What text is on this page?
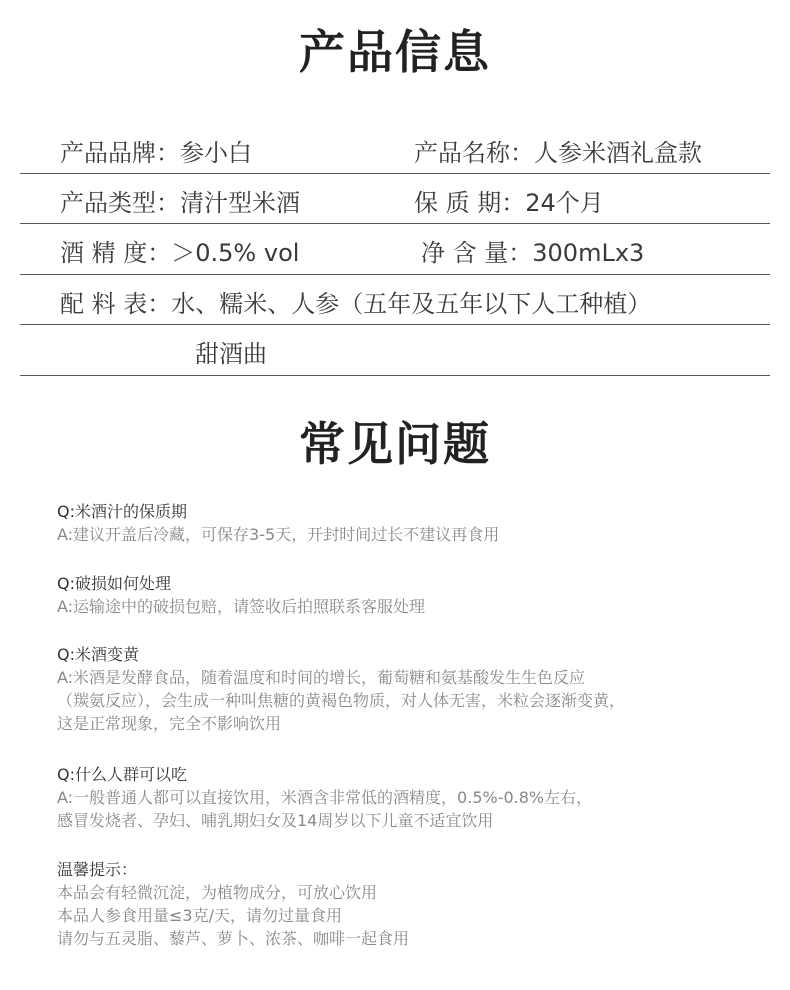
产品信息
产品品牌：参小白	产品名称：人参米酒礼盒款
产品类型：清汁型米酒	保 质 期：24个月
酒 精 度：＞0.5% vol	净 含 量：300mLx3
配 料 表：水、糯米、人参（五年及五年以下人工种植）
甜酒曲
常见问题
Q:米酒汁的保质期
A:建议开盖后冷藏，可保存3-5天，开封时间过长不建议再食用
Q:破损如何处理
A:运输途中的破损包赔，请签收后拍照联系客服处理
Q:米酒变黄
A:米酒是发酵食品，随着温度和时间的增长，葡萄糖和氨基酸发生生色反应
（羰氨反应），会生成一种叫焦糖的黄褐色物质，对人体无害，米粒会逐渐变黄，
这是正常现象，完全不影响饮用
Q:什么人群可以吃
A:一般普通人都可以直接饮用，米酒含非常低的酒精度，0.5%-0.8%左右，
感冒发烧者、孕妇、哺乳期妇女及14周岁以下儿童不适宜饮用
温馨提示：
本品会有轻微沉淀，为植物成分，可放心饮用
本品人参食用量≤3克/天，请勿过量食用
请勿与五灵脂、藜芦、萝卜、浓茶、咖啡一起食用
